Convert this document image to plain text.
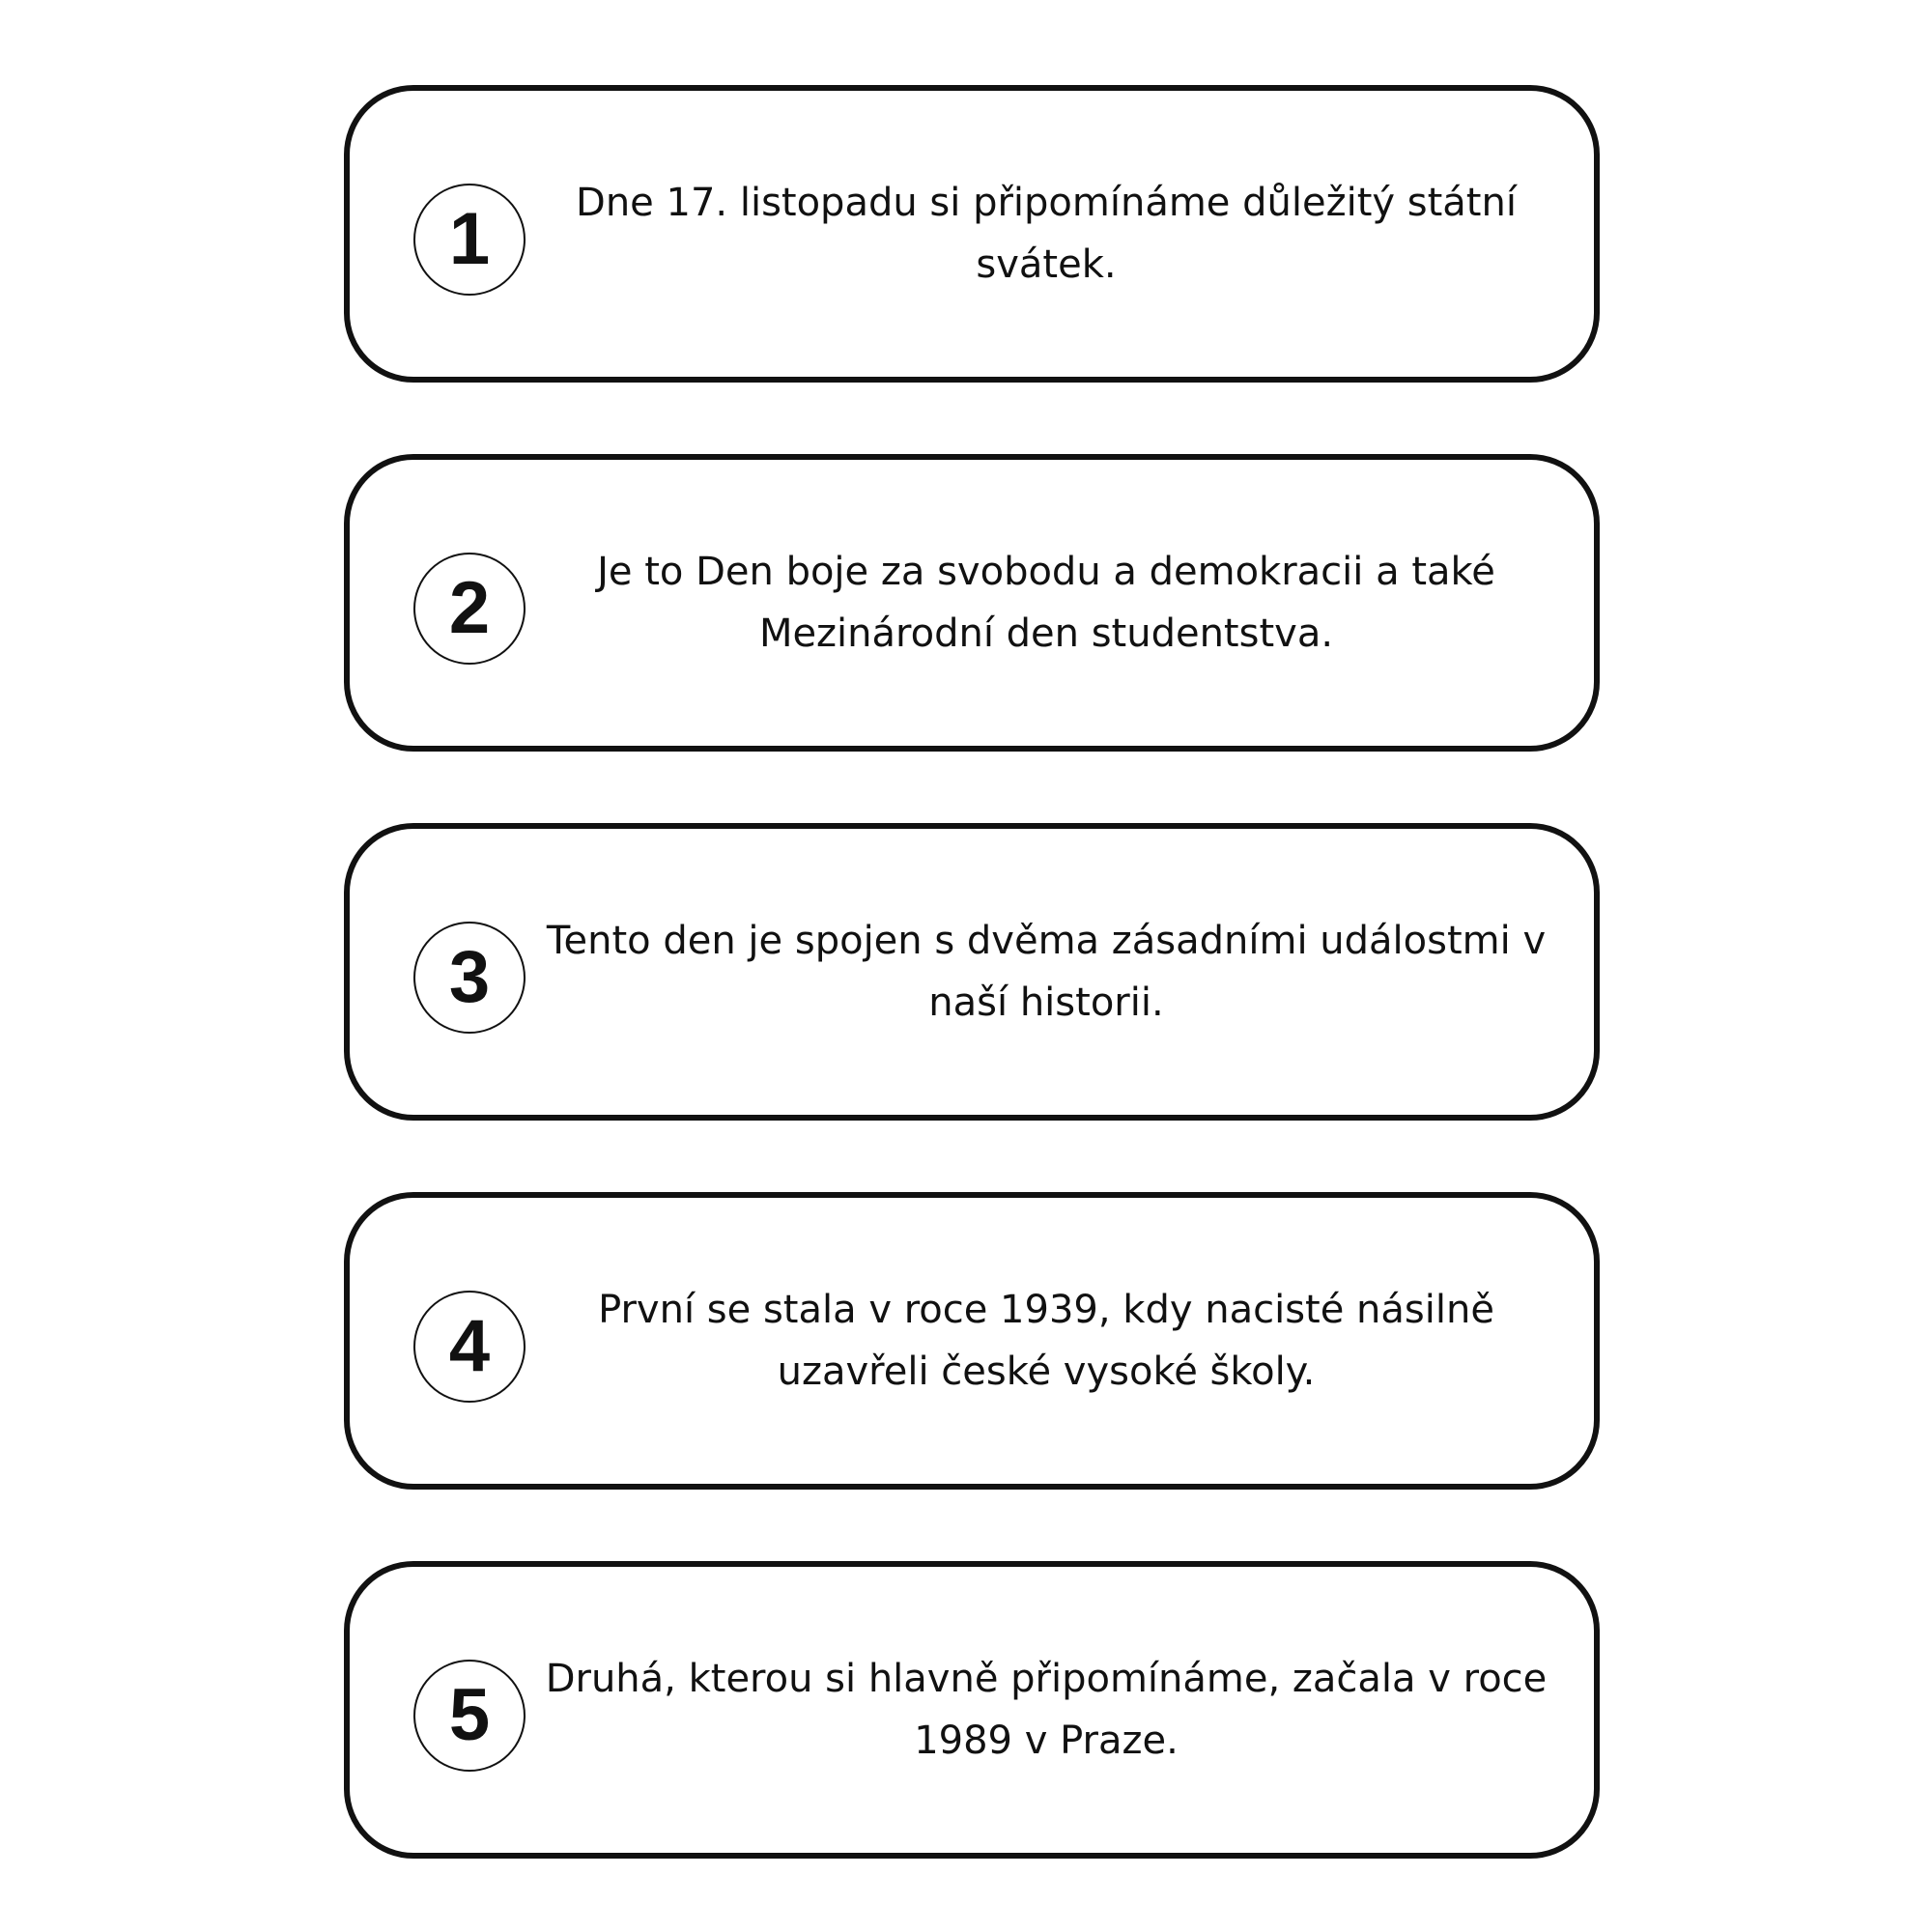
1	Dne 17. listopadu si připomínáme důležitý státní svátek.
2	Je to Den boje za svobodu a demokracii a také Mezinárodní den studentstva.
3	Tento den je spojen s dvěma zásadními událostmi v naší historii.
4	První se stala v roce 1939, kdy nacisté násilně uzavřeli české vysoké školy.
5	Druhá, kterou si hlavně připomínáme, začala v roce 1989 v Praze.
